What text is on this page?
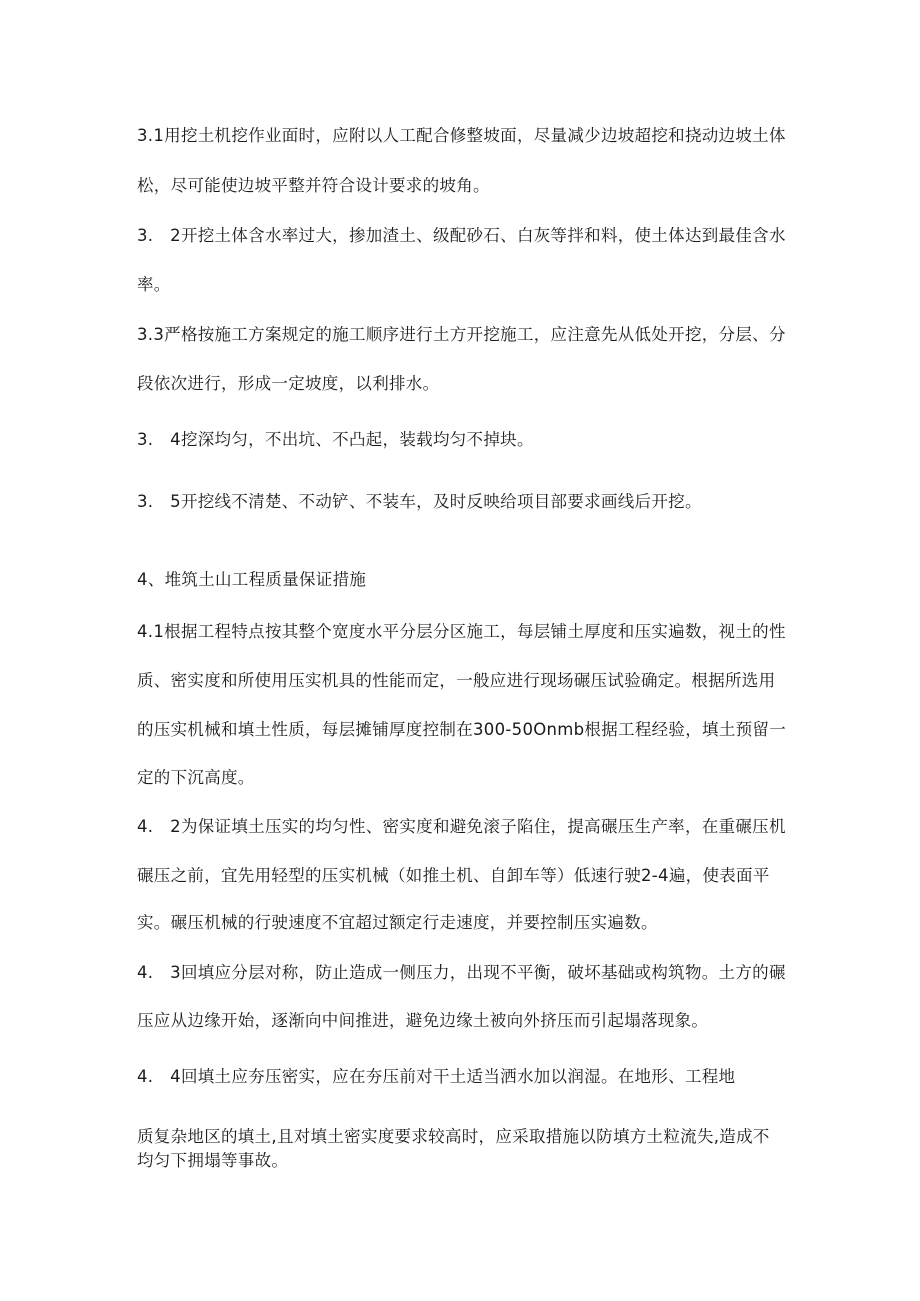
3.1用挖土机挖作业面时，应附以人工配合修整坡面，尽量减少边坡超挖和挠动边坡土体

松，尽可能使边坡平整并符合设计要求的坡角。

3.　2开挖土体含水率过大，掺加渣土、级配砂石、白灰等拌和料，使土体达到最佳含水

率。

3.3严格按施工方案规定的施工顺序进行土方开挖施工，应注意先从低处开挖，分层、分

段依次进行，形成一定坡度，以利排水。

3.　4挖深均匀，不出坑、不凸起，装载均匀不掉块。

3.　5开挖线不清楚、不动铲、不装车，及时反映给项目部要求画线后开挖。

4、堆筑土山工程质量保证措施

4.1根据工程特点按其整个宽度水平分层分区施工，每层铺土厚度和压实遍数，视土的性

质、密实度和所使用压实机具的性能而定，一般应进行现场碾压试验确定。根据所选用

的压实机械和填土性质，每层摊铺厚度控制在300-50Onmb根据工程经验，填土预留一

定的下沉高度。

4.　2为保证填土压实的均匀性、密实度和避免滚子陷住，提高碾压生产率，在重碾压机

碾压之前，宜先用轻型的压实机械（如推土机、自卸车等）低速行驶2-4遍，使表面平

实。碾压机械的行驶速度不宜超过额定行走速度，并要控制压实遍数。

4.　3回填应分层对称，防止造成一侧压力，出现不平衡，破坏基础或构筑物。土方的碾

压应从边缘开始，逐渐向中间推进，避免边缘土被向外挤压而引起塌落现象。

4.　4回填土应夯压密实，应在夯压前对干土适当洒水加以润湿。在地形、工程地

质复杂地区的填土,且对填土密实度要求较高时，应采取措施以防填方土粒流失,造成不

均匀下拥塌等事故。
